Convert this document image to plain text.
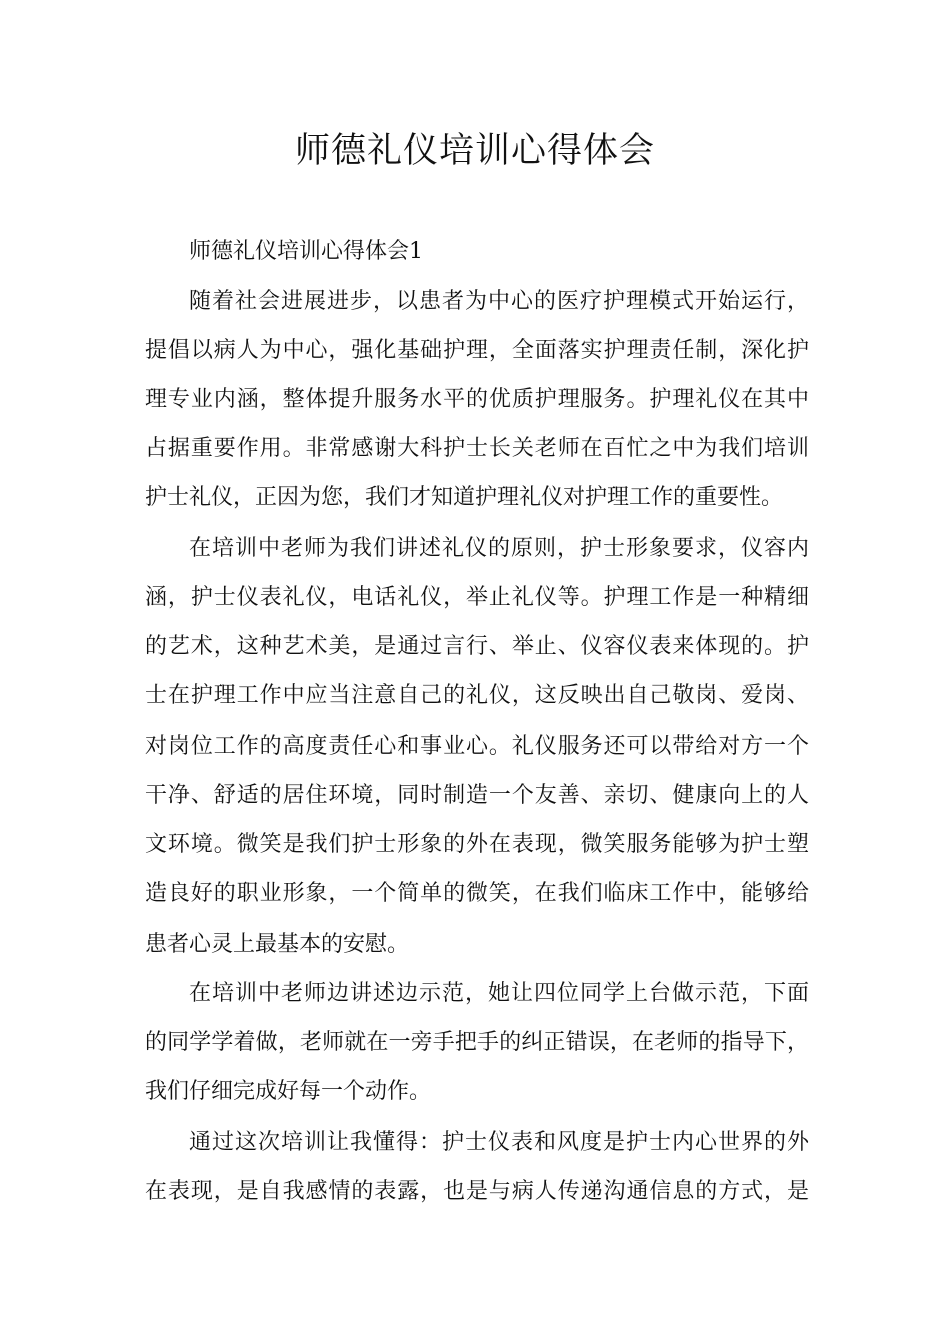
师德礼仪培训心得体会

师德礼仪培训心得体会1

随着社会进展进步，以患者为中心的医疗护理模式开始运行，

提倡以病人为中心，强化基础护理，全面落实护理责任制，深化护

理专业内涵，整体提升服务水平的优质护理服务。护理礼仪在其中

占据重要作用。非常感谢大科护士长关老师在百忙之中为我们培训

护士礼仪，正因为您，我们才知道护理礼仪对护理工作的重要性。

在培训中老师为我们讲述礼仪的原则，护士形象要求，仪容内

涵，护士仪表礼仪，电话礼仪，举止礼仪等。护理工作是一种精细

的艺术，这种艺术美，是通过言行、举止、仪容仪表来体现的。护

士在护理工作中应当注意自己的礼仪，这反映出自己敬岗、爱岗、

对岗位工作的高度责任心和事业心。礼仪服务还可以带给对方一个

干净、舒适的居住环境，同时制造一个友善、亲切、健康向上的人

文环境。微笑是我们护士形象的外在表现，微笑服务能够为护士塑

造良好的职业形象，一个简单的微笑，在我们临床工作中，能够给

患者心灵上最基本的安慰。

在培训中老师边讲述边示范，她让四位同学上台做示范，下面

的同学学着做，老师就在一旁手把手的纠正错误，在老师的指导下，

我们仔细完成好每一个动作。

通过这次培训让我懂得：护士仪表和风度是护士内心世界的外

在表现，是自我感情的表露，也是与病人传递沟通信息的方式，是
